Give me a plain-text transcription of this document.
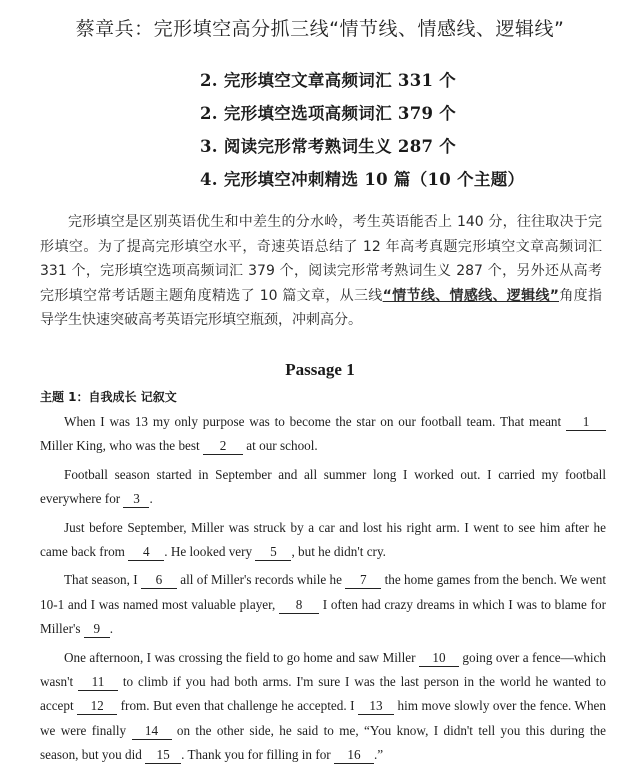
蔡章兵：完形填空高分抓三线“情节线、情感线、逻辑线”
2. 完形填空文章高频词汇 331 个
2. 完形填空选项高频词汇 379 个
3. 阅读完形常考熟词生义 287 个
4. 完形填空冲刺精选 10 篇（10 个主题）

完形填空是区别英语优生和中差生的分水岭，考生英语能否上 140 分，往往取决于完形填空。为了提高完形填空水平，奇速英语总结了 12 年高考真题完形填空文章高频词汇 331 个，完形填空选项高频词汇 379 个，阅读完形常考熟词生义 287 个，另外还从高考完形填空常考话题主题角度精选了 10 篇文章，从三线“情节线、情感线、逻辑线”角度指导学生快速突破高考英语完形填空瓶颈，冲刺高分。

Passage 1
主题 1：自我成长 记叙文

When I was 13 my only purpose was to become the star on our football team. That meant 1 Miller King, who was the best 2 at our school.

Football season started in September and all summer long I worked out. I carried my football everywhere for 3 .

Just before September, Miller was struck by a car and lost his right arm. I went to see him after he came back from 4 . He looked very 5 , but he didn't cry.

That season, I 6 all of Miller's records while he 7 the home games from the bench. We went 10-1 and I was named most valuable player, 8 I often had crazy dreams in which I was to blame for Miller's 9 .

One afternoon, I was crossing the field to go home and saw Miller 10 going over a fence—which wasn't 11 to climb if you had both arms. I'm sure I was the last person in the world he wanted to accept 12 from. But even that challenge he accepted. I 13 him move slowly over the fence. When we were finally 14 on the other side, he said to me, “You know, I didn't tell you this during the season, but you did 15 . Thank you for filling in for 16 .”
